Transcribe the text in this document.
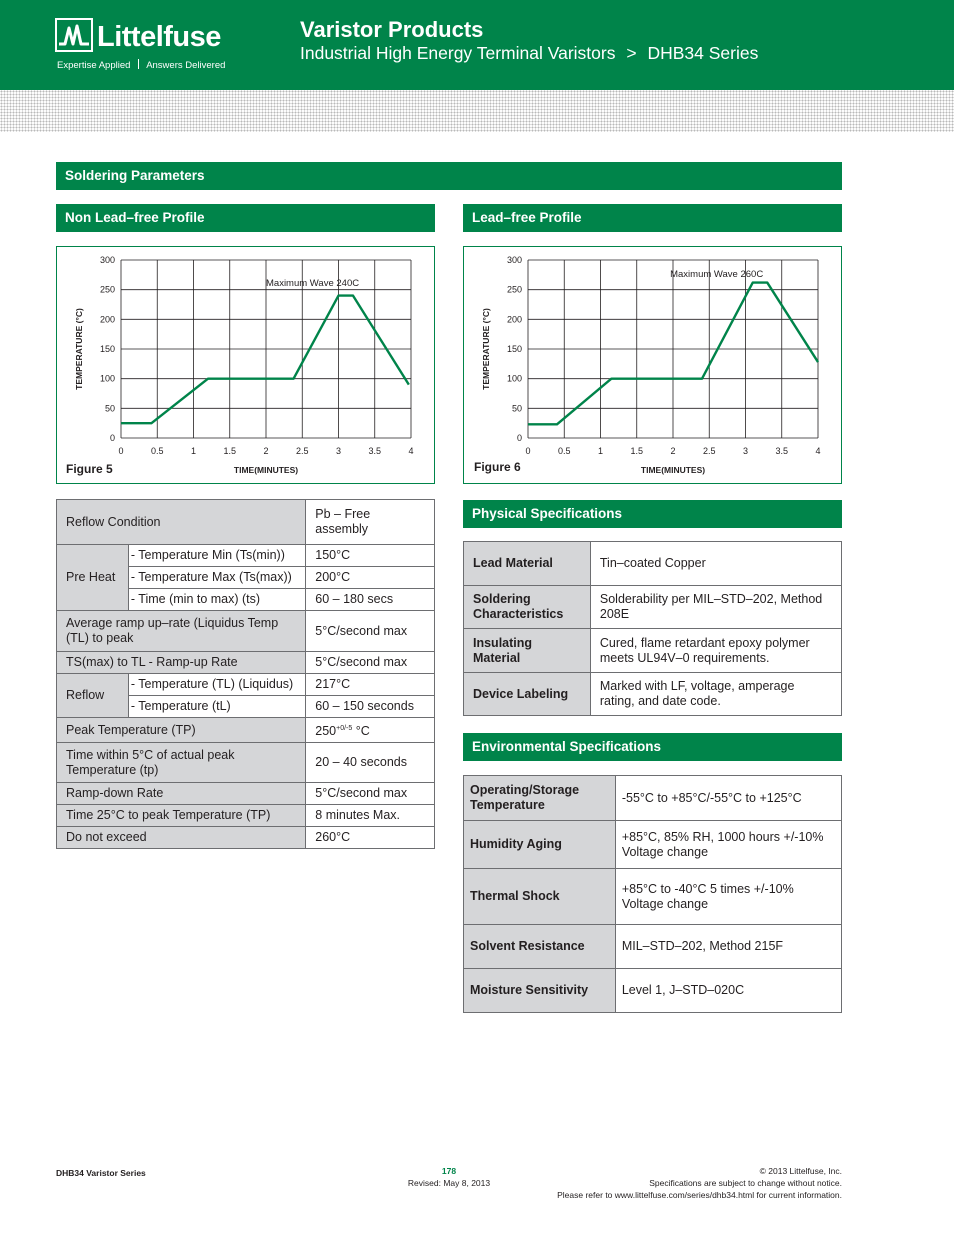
Littelfuse
Expertise Applied Answers Delivered
Varistor Products
Industrial High Energy Terminal Varistors > DHB34 Series
Soldering Parameters
Non Lead–free Profile	Lead–free Profile
0	0.5	1	1.5	2	2.5	3	3.5	4
0
50
100
150
200
250
300
TIME(MINUTES)
TEMPERATURE (°C)
Maximum Wave 240C
Figure 5
0	0.5	1	1.5	2	2.5	3	3.5	4
0
50
100
150
200
250
300
TIME(MINUTES)
TEMPERATURE (°C)
Maximum Wave 260C
Figure 6
Reflow Condition		Pb – Free assembly
Pre Heat	- Temperature Min (Ts(min))	150°C
	- Temperature Max (Ts(max))	200°C
	- Time (min to max) (ts)	60 – 180 secs
Average ramp up–rate (Liquidus Temp (TL) to peak		5°C/second max
TS(max) to TL - Ramp-up Rate		5°C/second max
Reflow	- Temperature (TL) (Liquidus)	217°C
	- Temperature (tL)	60 – 150 seconds
Peak Temperature (TP)		$250^{+0/-5}$ °C
Time within 5°C of actual peak Temperature (tp)		20 – 40 seconds
Ramp-down Rate		5°C/second max
Time 25°C to peak Temperature (TP)		8 minutes Max.
Do not exceed		260°C
Physical Specifications
Lead Material	Tin–coated Copper
Soldering Characteristics	Solderability per MIL–STD–202, Method 208E
Insulating Material	Cured, flame retardant epoxy polymer meets UL94V–0 requirements.
Device Labeling	Marked with LF, voltage, amperage rating, and date code.
Environmental Specifications
Operating/Storage Temperature	-55°C to +85°C/-55°C to +125°C
Humidity Aging	+85°C, 85% RH, 1000 hours +/-10% Voltage change
Thermal Shock	+85°C to -40°C 5 times +/-10% Voltage change
Solvent Resistance	MIL–STD–202, Method 215F
Moisture Sensitivity	Level 1, J–STD–020C
DHB34 Varistor Series	178
Revised: May 8, 2013
© 2013 Littelfuse, Inc.
Specifications are subject to change without notice.
Please refer to www.littelfuse.com/series/dhb34.html for current information.
